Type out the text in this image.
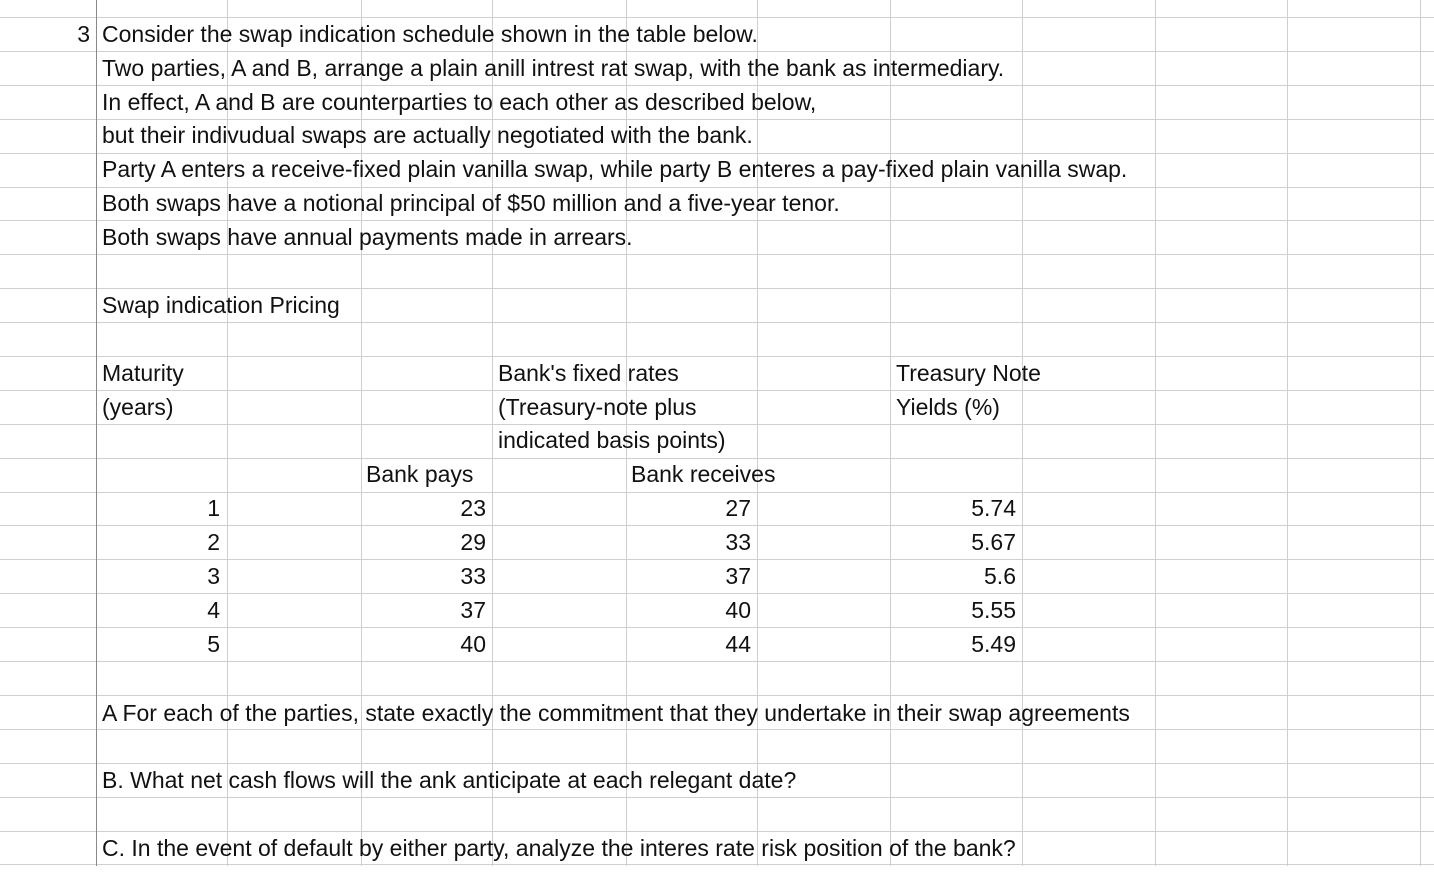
3 Consider the swap indication schedule shown in the table below.
Two parties, A and B, arrange a plain anill intrest rat swap, with the bank as intermediary.
In effect, A and B are counterparties to each other as described below,
but their indivudual swaps are actually negotiated with the bank.
Party A enters a receive-fixed plain vanilla swap, while party B enteres a pay-fixed plain vanilla swap.
Both swaps have a notional principal of $50 million and a five-year tenor.
Both swaps have annual payments made in arrears.
Swap indication Pricing
Maturity
(years)
Bank's fixed rates
(Treasury-note plus
indicated basis points)
Treasury Note
Yields (%)
Bank pays	Bank receives
1	23	27	5.74
2	29	33	5.67
3	33	37	5.6
4	37	40	5.55
5	40	44	5.49
A For each of the parties, state exactly the commitment that they undertake in their swap agreements
B. What net cash flows will the ank anticipate at each relegant date?
C. In the event of default by either party, analyze the interes rate risk position of the bank?
